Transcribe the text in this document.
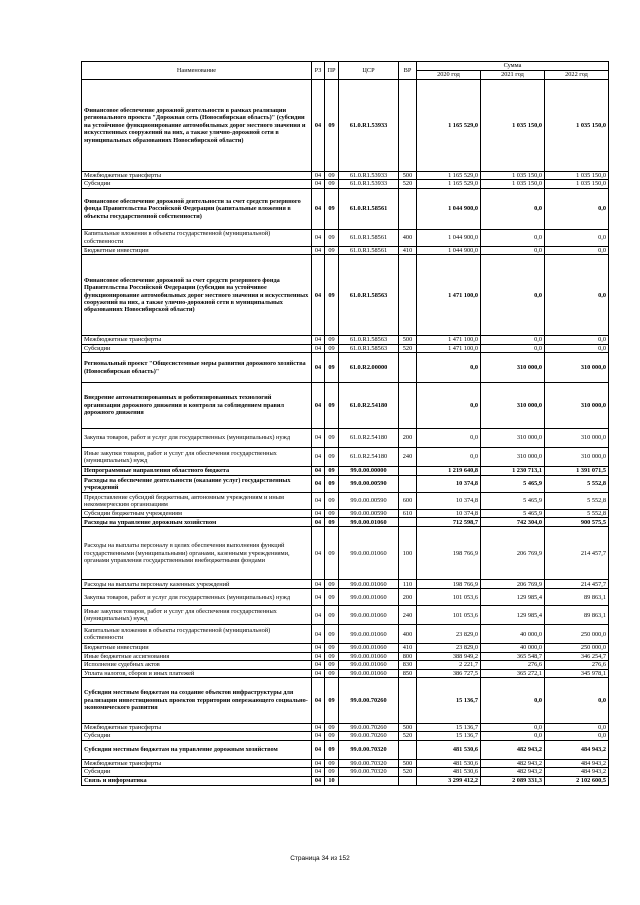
Наименование	РЗ	ПР	ЦСР	ВР	Сумма		
					2020 год	2021 год	2022 год
Финансовое обеспечение дорожной деятельности в рамках реализации регионального проекта "Дорожная сеть (Новосибирская область)" (субсидии на устойчивое функционирование автомобильных дорог местного значения и искусственных сооружений на них, а также улично-дорожной сети в муниципальных образованиях Новосибирской области)	04	09	61.0.R1.53933		1 165 529,0	1 035 150,0	1 035 150,0
Межбюджетные трансферты	04	09	61.0.R1.53933	500	1 165 529,0	1 035 150,0	1 035 150,0
Субсидии	04	09	61.0.R1.53933	520	1 165 529,0	1 035 150,0	1 035 150,0
Финансовое обеспечение дорожной деятельности за счет средств резервного фонда Правительства Российской Федерации (капитальные вложения в объекты государственной собственности)	04	09	61.0.R1.58561		1 044 900,0	0,0	0,0
Капитальные вложения в объекты государственной (муниципальной) собственности	04	09	61.0.R1.58561	400	1 044 900,0	0,0	0,0
Бюджетные инвестиции	04	09	61.0.R1.58561	410	1 044 900,0	0,0	0,0
Финансовое обеспечение дорожной за счет средств резервного фонда Правительства Российской Федерации (субсидии на устойчивое функционирование автомобильных дорог местного значения и искусственных сооружений на них, а также улично-дорожной сети в муниципальных образованиях Новосибирской области)	04	09	61.0.R1.58563		1 471 100,0	0,0	0,0
Межбюджетные трансферты	04	09	61.0.R1.58563	500	1 471 100,0	0,0	0,0
Субсидии	04	09	61.0.R1.58563	520	1 471 100,0	0,0	0,0
Региональный проект "Общесистемные меры развития дорожного хозяйства (Новосибирская область)"	04	09	61.0.R2.00000		0,0	310 000,0	310 000,0
Внедрение автоматизированных и роботизированных технологий организации дорожного движения и контроля за соблюдением правил дорожного движения	04	09	61.0.R2.54180		0,0	310 000,0	310 000,0
Закупка товаров, работ и услуг для государственных (муниципальных) нужд	04	09	61.0.R2.54180	200	0,0	310 000,0	310 000,0
Иные закупки товаров, работ и услуг для обеспечения государственных (муниципальных) нужд	04	09	61.0.R2.54180	240	0,0	310 000,0	310 000,0
Непрограммные направления областного бюджета	04	09	99.0.00.00000		1 219 640,8	1 230 713,1	1 391 071,5
Расходы на обеспечение деятельности (оказание услуг) государственных учреждений	04	09	99.0.00.00590		10 374,8	5 465,9	5 552,8
Предоставление субсидий бюджетным, автономным учреждениям и иным некоммерческим организациям	04	09	99.0.00.00590	600	10 374,8	5 465,9	5 552,8
Субсидии бюджетным учреждениям	04	09	99.0.00.00590	610	10 374,8	5 465,9	5 552,8
Расходы на управление дорожным хозяйством	04	09	99.0.00.01060		712 598,7	742 304,0	900 575,5
Расходы на выплаты персоналу в целях обеспечения выполнения функций государственными (муниципальными) органами, казенными учреждениями, органами управления государственными внебюджетными фондами	04	09	99.0.00.01060	100	198 766,9	206 769,9	214 457,7
Расходы на выплаты персоналу казенных учреждений	04	09	99.0.00.01060	110	198 766,9	206 769,9	214 457,7
Закупка товаров, работ и услуг для государственных (муниципальных) нужд	04	09	99.0.00.01060	200	101 053,6	129 985,4	89 863,1
Иные закупки товаров, работ и услуг для обеспечения государственных (муниципальных) нужд	04	09	99.0.00.01060	240	101 053,6	129 985,4	89 863,1
Капитальные вложения в объекты государственной (муниципальной) собственности	04	09	99.0.00.01060	400	23 829,0	40 000,0	250 000,0
Бюджетные инвестиции	04	09	99.0.00.01060	410	23 829,0	40 000,0	250 000,0
Иные бюджетные ассигнования	04	09	99.0.00.01060	800	388 949,2	365 548,7	346 254,7
Исполнение судебных актов	04	09	99.0.00.01060	830	2 221,7	276,6	276,6
Уплата налогов, сборов и иных платежей	04	09	99.0.00.01060	850	386 727,5	365 272,1	345 978,1
Субсидии местным бюджетам на создание объектов инфраструктуры для реализации инвестиционных проектов территории опережающего социально-экономического развития	04	09	99.0.00.70260		15 136,7	0,0	0,0
Межбюджетные трансферты	04	09	99.0.00.70260	500	15 136,7	0,0	0,0
Субсидии	04	09	99.0.00.70260	520	15 136,7	0,0	0,0
Субсидии местным бюджетам на управление дорожным хозяйством	04	09	99.0.00.70320		481 530,6	482 943,2	484 943,2
Межбюджетные трансферты	04	09	99.0.00.70320	500	481 530,6	482 943,2	484 943,2
Субсидии	04	09	99.0.00.70320	520	481 530,6	482 943,2	484 943,2
Связь и информатика	04	10			3 299 412,2	2 089 331,3	2 102 600,5
Страница 34 из 152
